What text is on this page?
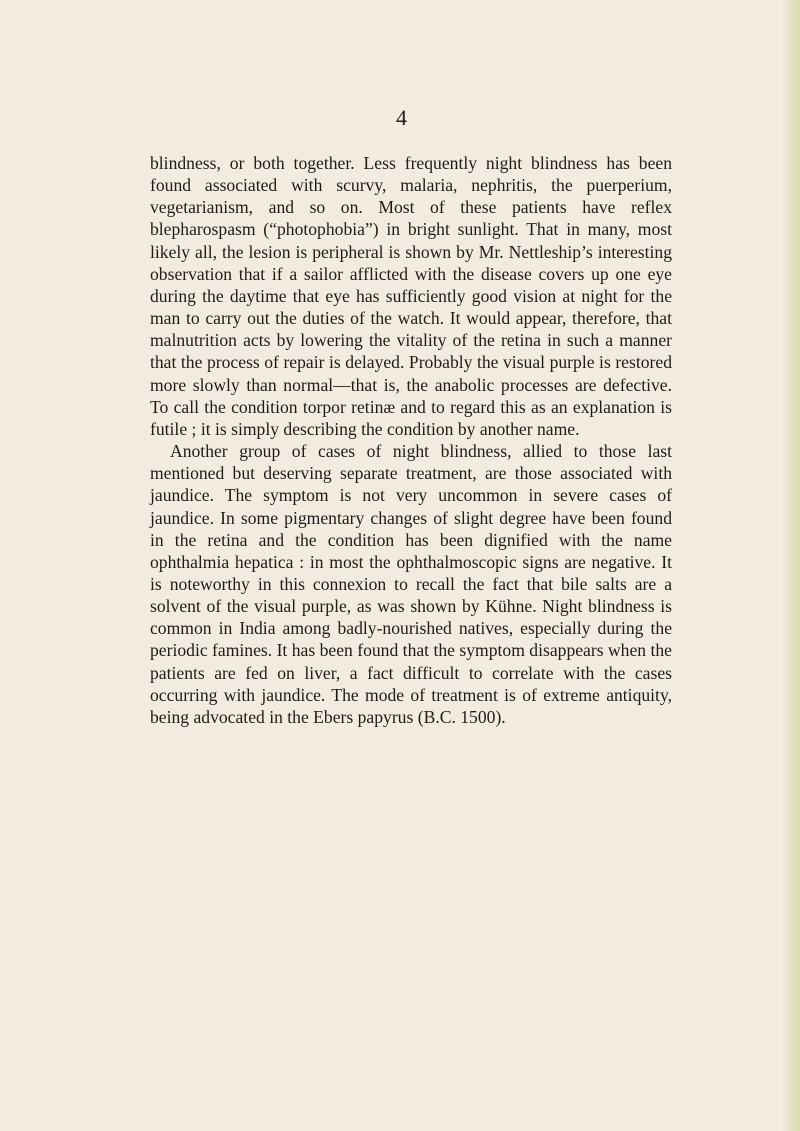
4

blindness, or both together. Less frequently night blindness has been found associated with scurvy, malaria, nephritis, the puerperium, vegetarianism, and so on. Most of these patients have reflex blepharospasm (“photophobia”) in bright sunlight. That in many, most likely all, the lesion is peripheral is shown by Mr. Nettleship’s interesting observation that if a sailor afflicted with the disease covers up one eye during the daytime that eye has sufficiently good vision at night for the man to carry out the duties of the watch. It would appear, therefore, that malnutrition acts by lowering the vitality of the retina in such a manner that the process of repair is delayed. Probably the visual purple is restored more slowly than normal—that is, the anabolic processes are defective. To call the condition torpor retinæ and to regard this as an explanation is futile ; it is simply describing the condition by another name.

Another group of cases of night blindness, allied to those last mentioned but deserving separate treatment, are those associated with jaundice. The symptom is not very uncommon in severe cases of jaundice. In some pigmentary changes of slight degree have been found in the retina and the condition has been dignified with the name ophthalmia hepatica : in most the ophthalmoscopic signs are negative. It is noteworthy in this connexion to recall the fact that bile salts are a solvent of the visual purple, as was shown by Kühne. Night blindness is common in India among badly-nourished natives, especially during the periodic famines. It has been found that the symptom disappears when the patients are fed on liver, a fact difficult to correlate with the cases occurring with jaundice. The mode of treatment is of extreme antiquity, being advocated in the Ebers papyrus (B.C. 1500).
